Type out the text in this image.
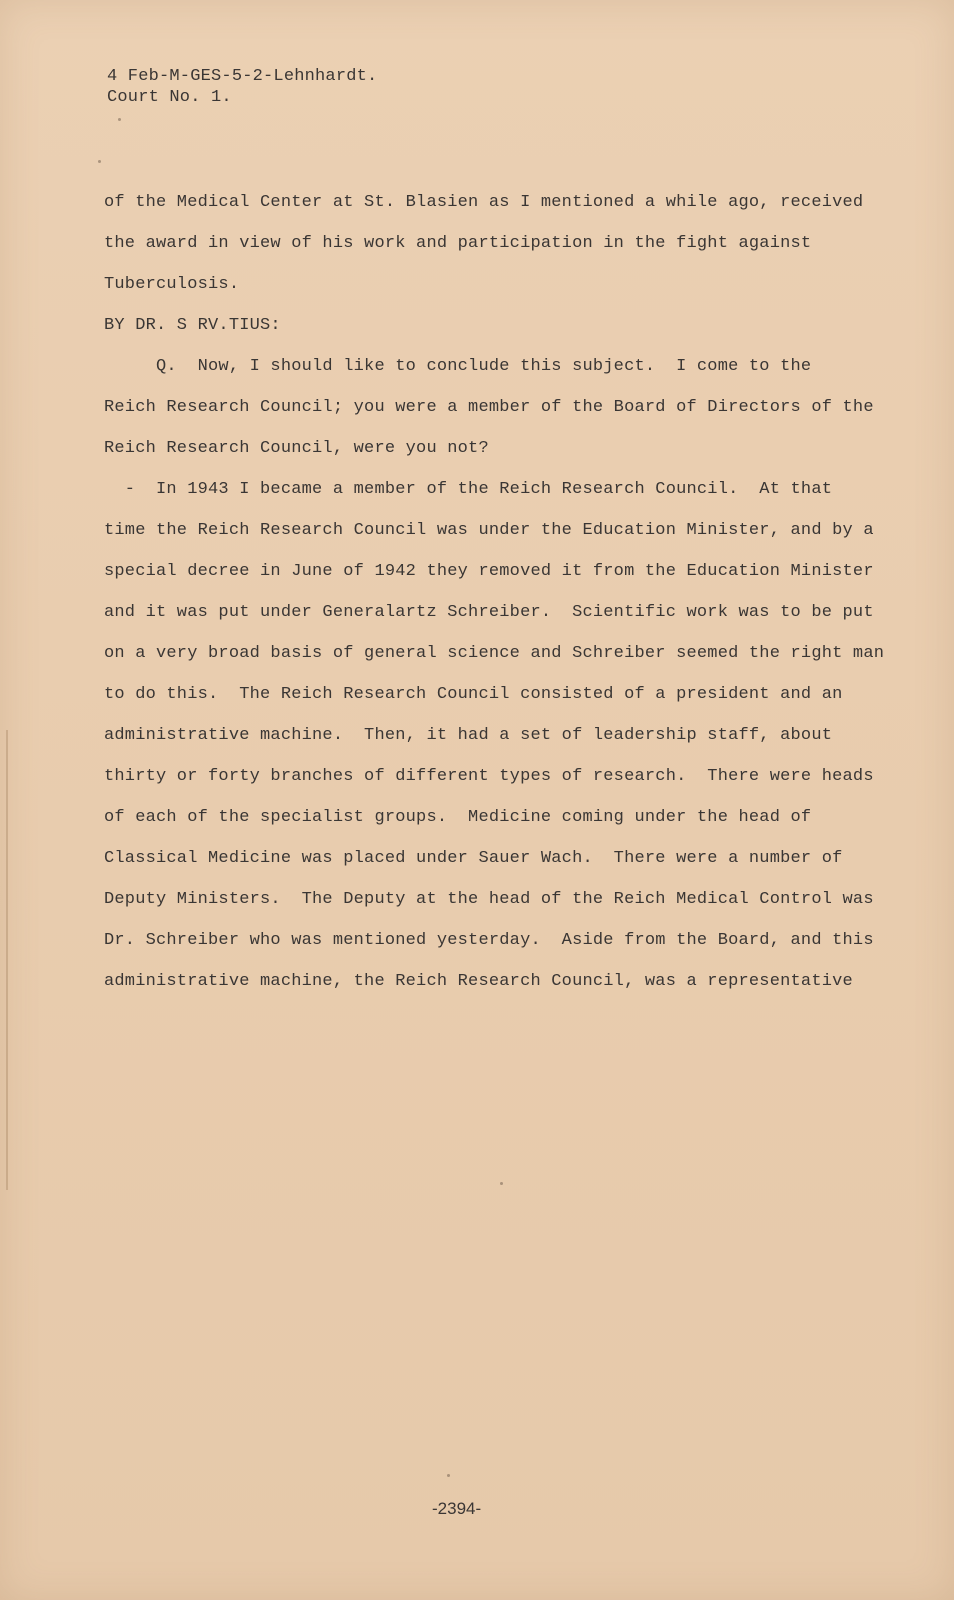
4 Feb-M-GES-5-2-Lehnhardt.
Court No. 1.
of the Medical Center at St. Blasien as I mentioned a while ago, received
the award in view of his work and participation in the fight against
Tuberculosis.
BY DR. S RV.TIUS:
Q.  Now, I should like to conclude this subject.  I come to the
Reich Research Council; you were a member of the Board of Directors of the
Reich Research Council, were you not?
-  In 1943 I became a member of the Reich Research Council.  At that
time the Reich Research Council was under the Education Minister, and by a
special decree in June of 1942 they removed it from the Education Minister
and it was put under Generalartz Schreiber.  Scientific work was to be put
on a very broad basis of general science and Schreiber seemed the right man
to do this.  The Reich Research Council consisted of a president and an
administrative machine.  Then, it had a set of leadership staff, about
thirty or forty branches of different types of research.  There were heads
of each of the specialist groups.  Medicine coming under the head of
Classical Medicine was placed under Sauer Wach.  There were a number of
Deputy Ministers.  The Deputy at the head of the Reich Medical Control was
Dr. Schreiber who was mentioned yesterday.  Aside from the Board, and this
administrative machine, the Reich Research Council, was a representative
-2394-
